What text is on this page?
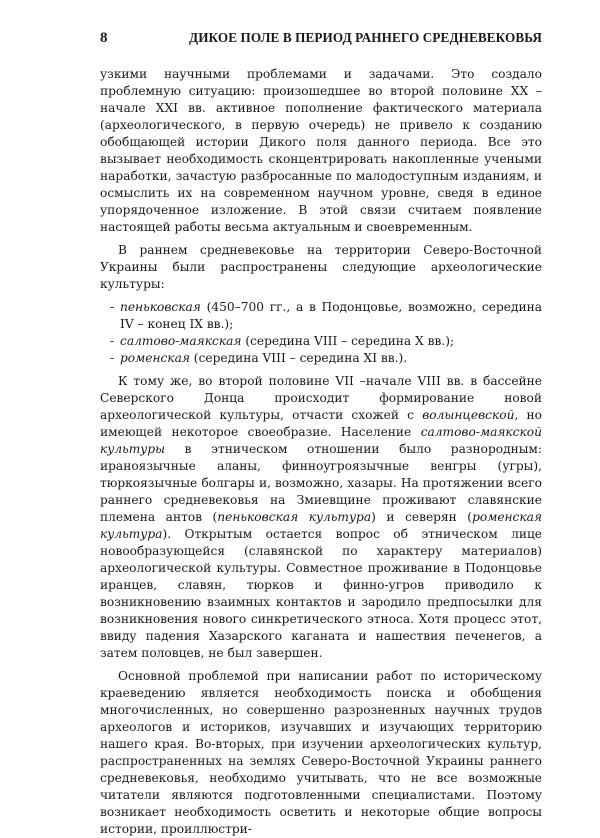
8	ДИКОЕ ПОЛЕ В ПЕРИОД РАННЕГО СРЕДНЕВЕКОВЬЯ

узкими научными проблемами и задачами. Это создало проблемную ситуацию: произошедшее во второй половине XX – начале XXI вв. активное пополнение фактического материала (археологического, в первую очередь) не привело к созданию обобщающей истории Дикого поля данного периода. Все это вызывает необходимость сконцентрировать накопленные учеными наработки, зачастую разбросанные по малодоступным изданиям, и осмыслить их на современном научном уровне, сведя в единое упорядоченное изложение. В этой связи считаем появление настоящей работы весьма актуальным и своевременным.

В раннем средневековье на территории Северо-Восточной Украины были распространены следующие археологические культуры:

- пеньковская (450–700 гг., а в Подонцовье, возможно, середина IV – конец IX вв.);
- салтово-маякская (середина VIII – середина X вв.);
- роменская (середина VIII – середина XI вв.).

К тому же, во второй половине VII –начале VIII вв. в бассейне Северского Донца происходит формирование новой археологической культуры, отчасти схожей с волынцевской, но имеющей некоторое своеобразие. Население салтово-маякской культуры в этническом отношении было разнородным: ираноязычные аланы, финноугроязычные венгры (угры), тюркоязычные болгары и, возможно, хазары. На протяжении всего раннего средневековья на Змиевщине проживают славянские племена антов (пеньковская культура) и северян (роменская культура). Открытым остается вопрос об этническом лице новообразующейся (славянской по характеру материалов) археологической культуры. Совместное проживание в Подонцовье иранцев, славян, тюрков и финно-угров приводило к возникновению взаимных контактов и зародило предпосылки для возникновения нового синкретического этноса. Хотя процесс этот, ввиду падения Хазарского каганата и нашествия печенегов, а затем половцев, не был завершен.

Основной проблемой при написании работ по историческому краеведению является необходимость поиска и обобщения многочисленных, но совершенно разрозненных научных трудов археологов и историков, изучавших и изучающих территорию нашего края. Во-вторых, при изучении археологических культур, распространенных на землях Северо-Восточной Украины раннего средневековья, необходимо учитывать, что не все возможные читатели являются подготовленными специалистами. Поэтому возникает необходимость осветить и некоторые общие вопросы истории, проиллюстри-
